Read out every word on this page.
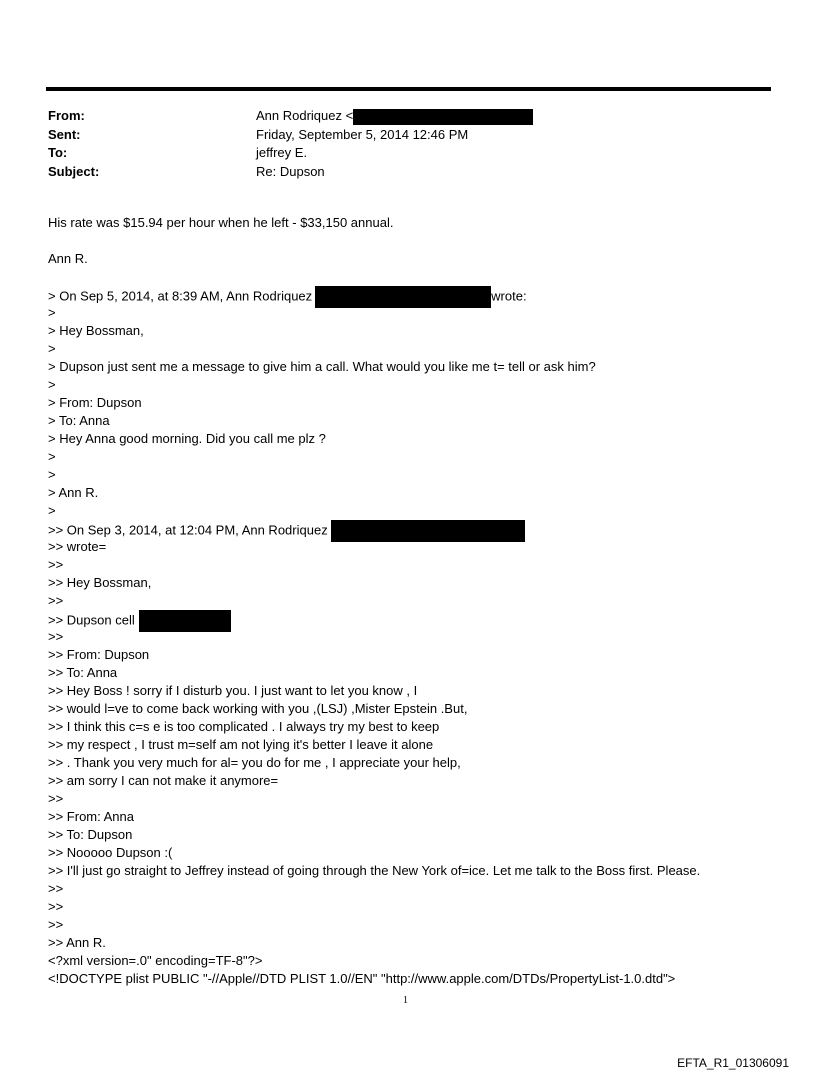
From:	Ann Rodriquez <
Sent:	Friday, September 5, 2014 12:46 PM
To:	jeffrey E.
Subject:	Re: Dupson
His rate was $15.94 per hour when he left - $33,150 annual.
Ann R.
> On Sep 5, 2014, at 8:39 AM, Ann Rodriquez	wrote:
>
> Hey Bossman,
>
> Dupson just sent me a message to give him a call. What would you like me t= tell or ask him?
>
> From: Dupson
> To: Anna
> Hey Anna good morning. Did you call me plz ?
>
>
> Ann R.
>
>> On Sep 3, 2014, at 12:04 PM, Ann Rodriquez
>> wrote=
>>
>> Hey Bossman,
>>
>> Dupson cell
>>
>> From: Dupson
>> To: Anna
>> Hey Boss ! sorry if I disturb you. I just want to let you know , I
>> would l=ve to come back working with you ,(LSJ) ,Mister Epstein .But,
>> I think this c=s e is too complicated . I always try my best to keep
>> my respect , I trust m=self am not lying it's better I leave it alone
>> . Thank you very much for al= you do for me , I appreciate your help,
>> am sorry I can not make it anymore=
>>
>> From: Anna
>> To: Dupson
>> Nooooo Dupson :(
>> I'll just go straight to Jeffrey instead of going through the New York of=ice. Let me talk to the Boss first. Please.
>>
>>
>>
>> Ann R.
<?xml version=.0" encoding=TF-8"?>
<!DOCTYPE plist PUBLIC "-//Apple//DTD PLIST 1.0//EN" "http://www.apple.com/DTDs/PropertyList-1.0.dtd">
1
EFTA_R1_01306091
